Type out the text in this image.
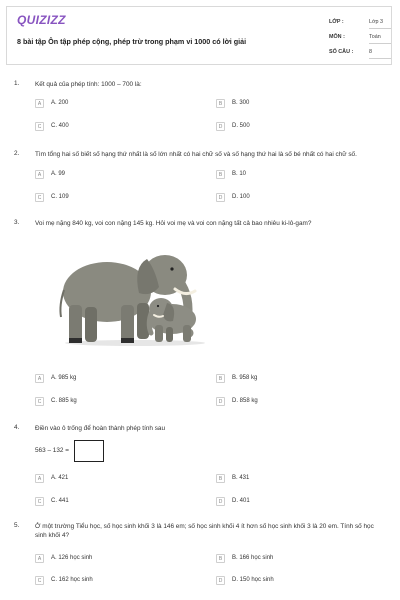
QUIZIZZ
8 bài tập Ôn tập phép cộng, phép trừ trong phạm vi 1000 có lời giải
LỚP :	Lớp 3
MÔN :	Toán
SỐ CÂU :	8
1. Kết quả của phép tính: 1000 – 700 là:
A	A. 200	B	B. 300
C	C. 400	D	D. 500
2. Tìm tổng hai số biết số hạng thứ nhất là số lớn nhất có hai chữ số và số hạng thứ hai là số bé nhất có hai chữ số.
A	A. 99	B	B. 10
C	C. 109	D	D. 100
3. Voi mẹ nặng 840 kg, voi con nặng 145 kg. Hỏi voi mẹ và voi con nặng tất cả bao nhiêu ki-lô-gam?
A	A. 985 kg	B	B. 958 kg
C	C. 885 kg	D	D. 858 kg
4. Điền vào ô trống để hoàn thành phép tính sau
563 – 132 =
A	A. 421	B	B. 431
C	C. 441	D	D. 401
5. Ở một trường Tiểu học, số học sinh khối 3 là 146 em; số học sinh khối 4 ít hơn số học sinh khối 3 là 20 em. Tính số học sinh khối 4?
A	A. 126 học sinh	B	B. 166 học sinh
C	C. 162 học sinh	D	D. 150 học sinh
